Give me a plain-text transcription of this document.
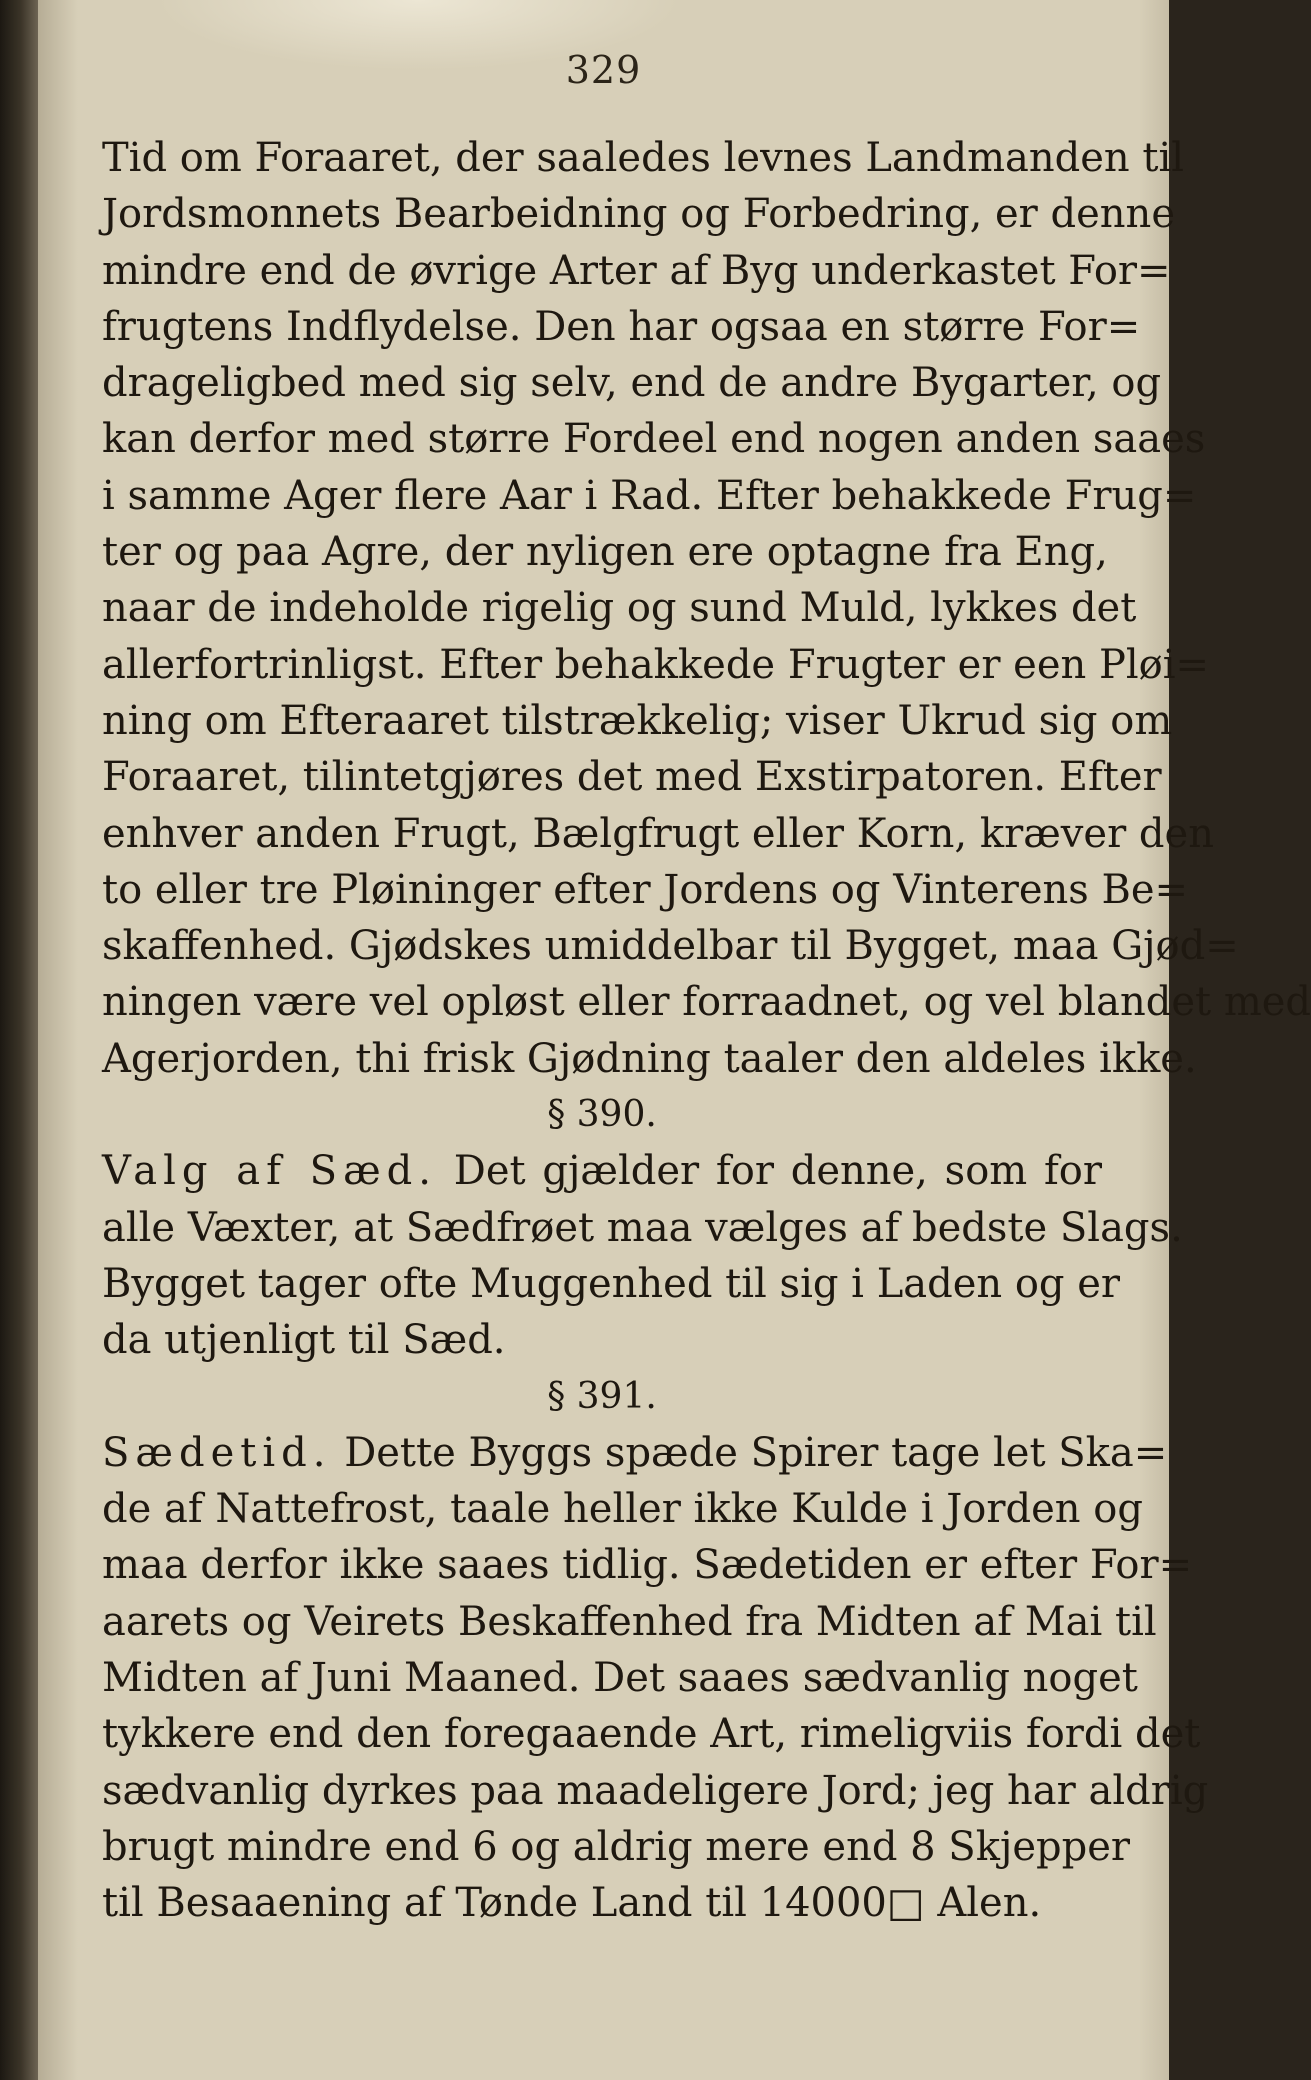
329
Tid om Foraaret, der saaledes levnes Landmanden til
Jordsmonnets Bearbeidning og Forbedring, er denne
mindre end de øvrige Arter af Byg underkastet For=
frugtens Indflydelse. Den har ogsaa en større For=
drageligbed med sig selv, end de andre Bygarter, og
kan derfor med større Fordeel end nogen anden saaes
i samme Ager flere Aar i Rad. Efter behakkede Frug=
ter og paa Agre, der nyligen ere optagne fra Eng,
naar de indeholde rigelig og sund Muld, lykkes det
allerfortrinligst. Efter behakkede Frugter er een Pløi=
ning om Efteraaret tilstrækkelig; viser Ukrud sig om
Foraaret, tilintetgjøres det med Exstirpatoren. Efter
enhver anden Frugt, Bælgfrugt eller Korn, kræver den
to eller tre Pløininger efter Jordens og Vinterens Be=
skaffenhed. Gjødskes umiddelbar til Bygget, maa Gjød=
ningen være vel opløst eller forraadnet, og vel blandet med
Agerjorden, thi frisk Gjødning taaler den aldeles ikke.
§ 390.
Valg af Sæd. Det gjælder for denne, som for
alle Væxter, at Sædfrøet maa vælges af bedste Slags.
Bygget tager ofte Muggenhed til sig i Laden og er
da utjenligt til Sæd.
§ 391.
Sædetid. Dette Byggs spæde Spirer tage let Ska=
de af Nattefrost, taale heller ikke Kulde i Jorden og
maa derfor ikke saaes tidlig. Sædetiden er efter For=
aarets og Veirets Beskaffenhed fra Midten af Mai til
Midten af Juni Maaned. Det saaes sædvanlig noget
tykkere end den foregaaende Art, rimeligviis fordi det
sædvanlig dyrkes paa maadeligere Jord; jeg har aldrig
brugt mindre end 6 og aldrig mere end 8 Skjepper
til Besaaening af Tønde Land til 14000□ Alen.
